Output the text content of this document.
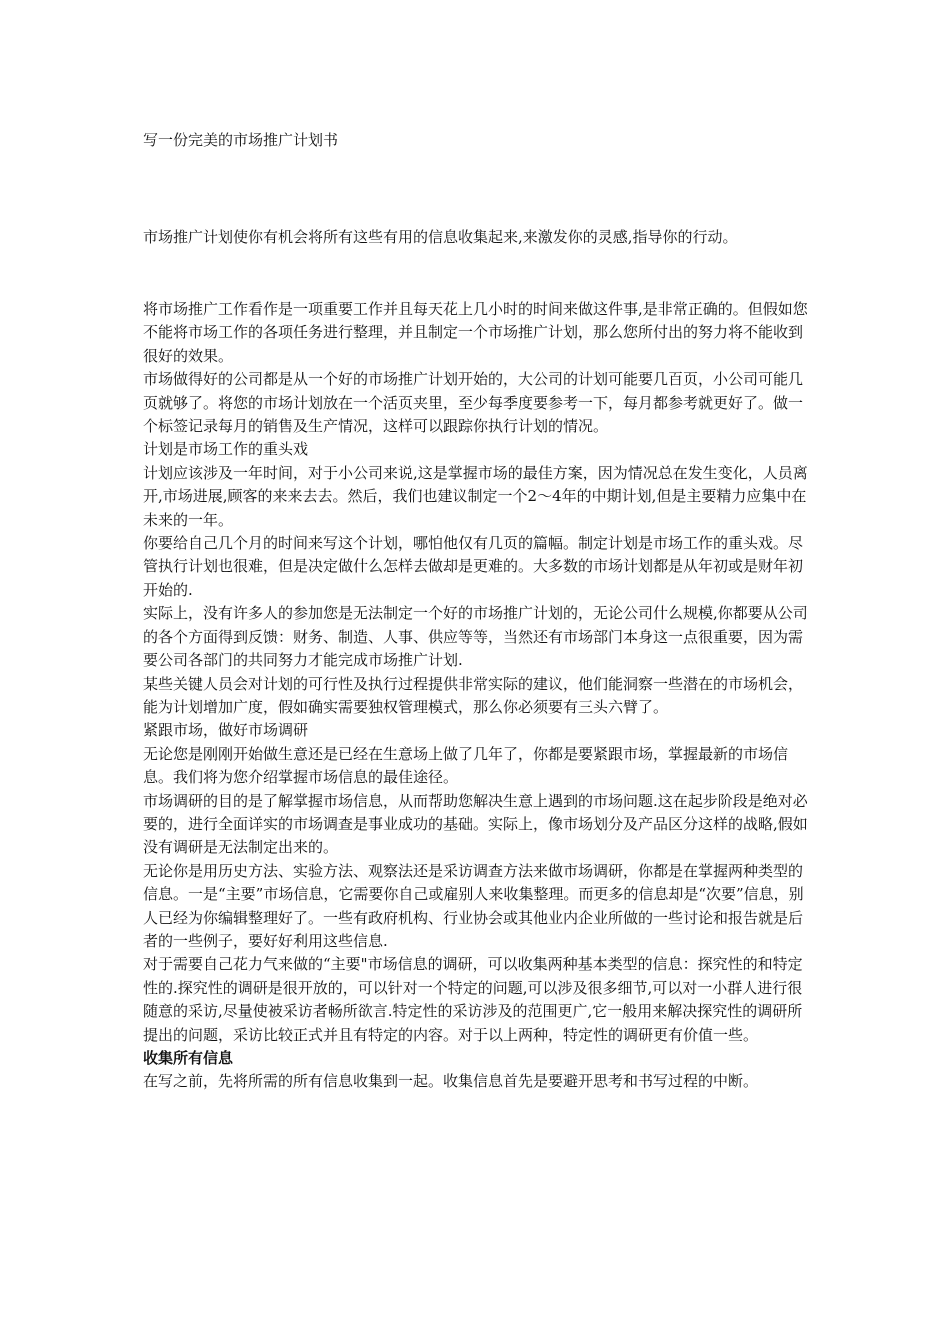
写一份完美的市场推广计划书
市场推广计划使你有机会将所有这些有用的信息收集起来,来激发你的灵感,指导你的行动。

将市场推广工作看作是一项重要工作并且每天花上几小时的时间来做这件事,是非常正确的。但假如您不能将市场工作的各项任务进行整理，并且制定一个市场推广计划，那么您所付出的努力将不能收到很好的效果。

市场做得好的公司都是从一个好的市场推广计划开始的，大公司的计划可能要几百页，小公司可能几页就够了。将您的市场计划放在一个活页夹里，至少每季度要参考一下，每月都参考就更好了。做一个标签记录每月的销售及生产情况，这样可以跟踪你执行计划的情况。

计划是市场工作的重头戏

计划应该涉及一年时间，对于小公司来说,这是掌握市场的最佳方案，因为情况总在发生变化，人员离开,市场进展,顾客的来来去去。然后，我们也建议制定一个2～4年的中期计划,但是主要精力应集中在未来的一年。

你要给自己几个月的时间来写这个计划，哪怕他仅有几页的篇幅。制定计划是市场工作的重头戏。尽管执行计划也很难，但是决定做什么怎样去做却是更难的。大多数的市场计划都是从年初或是财年初开始的.

实际上，没有许多人的参加您是无法制定一个好的市场推广计划的，无论公司什么规模,你都要从公司的各个方面得到反馈：财务、制造、人事、供应等等，当然还有市场部门本身这一点很重要，因为需要公司各部门的共同努力才能完成市场推广计划.

某些关键人员会对计划的可行性及执行过程提供非常实际的建议，他们能洞察一些潜在的市场机会，能为计划增加广度，假如确实需要独权管理模式，那么你必须要有三头六臂了。

紧跟市场，做好市场调研

无论您是刚刚开始做生意还是已经在生意场上做了几年了，你都是要紧跟市场，掌握最新的市场信息。我们将为您介绍掌握市场信息的最佳途径。

市场调研的目的是了解掌握市场信息，从而帮助您解决生意上遇到的市场问题.这在起步阶段是绝对必要的，进行全面详实的市场调查是事业成功的基础。实际上，像市场划分及产品区分这样的战略,假如没有调研是无法制定出来的。

无论你是用历史方法、实验方法、观察法还是采访调查方法来做市场调研，你都是在掌握两种类型的信息。一是“主要”市场信息，它需要你自己或雇别人来收集整理。而更多的信息却是“次要”信息，别人已经为你编辑整理好了。一些有政府机构、行业协会或其他业内企业所做的一些讨论和报告就是后者的一些例子，要好好利用这些信息.

对于需要自己花力气来做的“主要"市场信息的调研，可以收集两种基本类型的信息：探究性的和特定性的.探究性的调研是很开放的，可以针对一个特定的问题,可以涉及很多细节,可以对一小群人进行很随意的采访,尽量使被采访者畅所欲言.特定性的采访涉及的范围更广,它一般用来解决探究性的调研所提出的问题，采访比较正式并且有特定的内容。对于以上两种，特定性的调研更有价值一些。

收集所有信息

在写之前，先将所需的所有信息收集到一起。收集信息首先是要避开思考和书写过程的中断。
